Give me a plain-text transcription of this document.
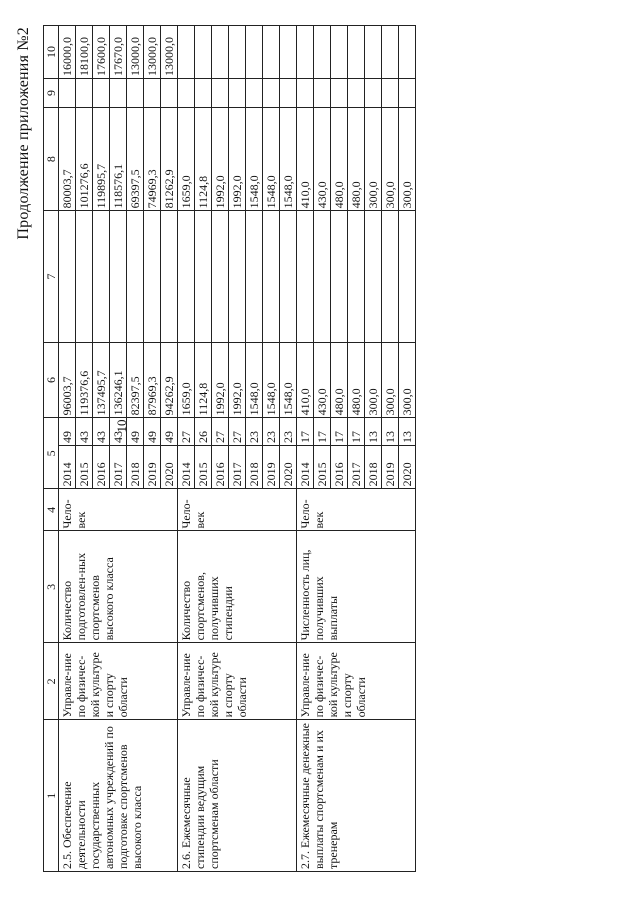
10
Продолжение приложения №2
1	2	3	4	5		6	7	8	9	10
2.5. Обеспечение деятельности государственных автономных учреждений по подготовке спортсменов высокого класса	Управле-ние по физичес-кой культуре и спорту области	Количество подготовлен-ных спортсменов высокого класса	Чело-век	2014	49	96003,7		80003,7		16000,0
				2015	43	119376,6		101276,6		18100,0
				2016	43	137495,7		119895,7		17600,0
				2017	43	136246,1		118576,1		17670,0
				2018	49	82397,5		69397,5		13000,0
				2019	49	87969,3		74969,3		13000,0
				2020	49	94262,9		81262,9		13000,0
2.6. Ежемесячные стипендии ведущим спортсменам области	Управле-ние по физичес-кой культуре и спорту области	Количество спортсменов, получивших стипендии	Чело-век	2014	27	1659,0		1659,0		
				2015	26	1124,8		1124,8		
				2016	27	1992,0		1992,0		
				2017	27	1992,0		1992,0		
				2018	23	1548,0		1548,0		
				2019	23	1548,0		1548,0		
				2020	23	1548,0		1548,0		
2.7. Ежемесячные денежные выплаты спортсменам и их тренерам	Управле-ние по физичес-кой культуре и спорту области	Численность лиц, получивших выплаты	Чело-век	2014	17	410,0		410,0		
				2015	17	430,0		430,0		
				2016	17	480,0		480,0		
				2017	17	480,0		480,0		
				2018	13	300,0		300,0		
				2019	13	300,0		300,0		
				2020	13	300,0		300,0		
